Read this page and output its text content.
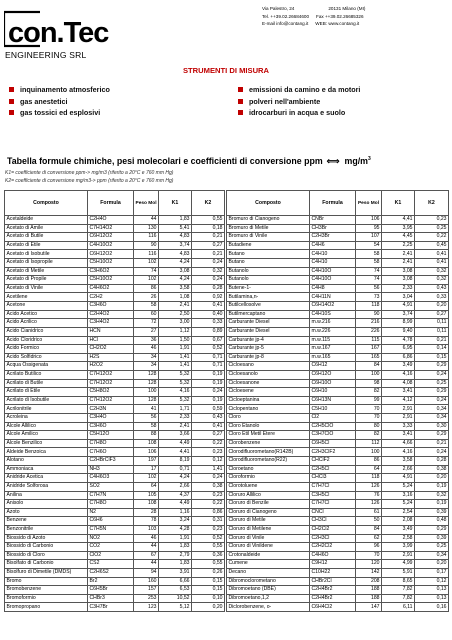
con.Tec
ENGINEERING SRL
Via Palestro, 24	20131 Milano (MI)
Tel. ++39.02.26684600 Fax ++39.02.26685326
E-mail info@contang.it WEB: www.contang.it
STRUMENTI DI MISURA
inquinamento atmosferico
gas anestetici
gas tossici ed esplosivi
emissioni da camino e da motori
polveri nell'ambiente
idrocarburi in acqua e suolo
Tabella formule chimiche, pesi molecolari e coefficienti di conversione ppm ⟺ $mg/m^3$
K1= coefficiente di conversione ppm-> mg/m3 (riferito a 20°C e 760 mm Hg)
K2= coefficiente di conversione mg/m3-> ppm (riferito a 20°C e 760 mm Hg)
Composto	Formula	Peso Mol	K1	K2
Acetaldeide	C2H4O	44	1,83	0,55
Acetato di Amile	C7H14O2	130	5,41	0,18
Acetato di Butile	C6H12O2	116	4,83	0,21
Acetato di Etile	C4H10O2	90	3,74	0,27
Acetato di Isobutile	C6H12O2	116	4,83	0,21
Acetato di Isopropile	C5H10O2	102	4,24	0,24
Acetato di Metile	C3H6O2	74	3,08	0,32
Acetato di Propile	C5H10O2	102	4,24	0,24
Acetato di Vinile	C4H6O2	86	3,58	0,28
Acetilene	C2H2	26	1,08	0,92
Acetone	C3H6O	58	2,41	0,41
Acido Acetico	C2H4O2	60	2,50	0,40
Acido Acrilico	C3H4O2	72	3,00	0,33
Acido Cianidrico	HCN	27	1,12	0,89
Acido Cloridrico	HCl	36	1,50	0,67
Acido Formico	CH2O2	46	1,91	0,52
Acido Solfidrico	H2S	34	1,41	0,71
Acqua Ossigenata	H2O2	34	1,41	0,71
Acrilato Butilico	C7H12O2	128	5,32	0,19
Acrilato di Butile	C7H12O2	128	5,32	0,19
Acrilato di Etile	C5H8O2	100	4,16	0,24
Acrilato di Isobutile	C7H12O2	128	5,32	0,19
Acrilonitrile	C2H3N	41	1,71	0,59
Acroleina	C3H4O	56	2,33	0,43
Alcole Allilico	C3H6O	58	2,41	0,41
Alcole Amilico	C5H12O	88	3,66	0,27
Alcole Benzilico	C7H8O	108	4,49	0,22
Aldeide Benzoica	C7H6O	106	4,41	0,23
Alotano	C2HBrClF3	197	8,19	0,12
Ammoniaca	NH3	17	0,71	1,41
Anidride Acetica	C4H6O3	102	4,24	0,24
Anidride Solforosa	SO2	64	2,66	0,38
Anilina	C7H7N	105	4,37	0,23
Anisolo	C7H8O	108	4,49	0,22
Azoto	N2	28	1,16	0,86
Benzene	C6H6	78	3,24	0,31
Benzonitrile	C7H5N	103	4,28	0,23
Biossido di Azoto	NO2	46	1,91	0,52
Biossido di Carbonio	CO2	44	1,83	0,55
Biossido di Cloro	ClO2	67	2,79	0,36
Bisolfato di Carbonio	CS2	44	1,83	0,55
Bisolfuro di Dimetile (DMDS)	C2H6S2	94	3,91	0,26
Bromo	Br2	160	6,66	0,15
Bromobenzene	C6H5Br	157	6,53	0,15
Bromoformio	CHBr3	253	10,52	0,10
Bromopropano	C3H7Br	123	5,12	0,20
Composto	Formula	Peso Mol	K1	K2
Bromuro di Cianogeno	CNBr	106	4,41	0,23
Bromuro di Metile	CH3Br	95	3,95	0,25
Bromuro di Vinile	C2H3Br	107	4,45	0,22
Butadiene	C4H6	54	2,25	0,45
Butano	C4H10	58	2,41	0,41
Butano	C4H10	58	2,41	0,41
Butanolo	C4H10O	74	3,08	0,32
Butanolo	C4H10O	74	3,08	0,32
Butene-1-	C4H8	56	2,33	0,43
Butilamina,n-	C4H11N	73	3,04	0,33
Butilcellosolve	C6H14O2	118	4,91	0,20
Butilmercaptano	C4H10S	90	3,74	0,27
Carburante Diesel	m.w.216	216	8,99	0,11
Carburante Diesel	m.w.226	226	9,40	0,11
Carburante jp-4	m.w.115	115	4,78	0,21
Carburante jp-5	m.w.167	167	6,95	0,14
Carburante jp-8	m.w.165	165	6,86	0,15
Cicloesano	C6H12	84	3,49	0,29
Cicloesanolo	C6H12O	100	4,16	0,24
Cicloesanone	C6H10O	98	4,08	0,25
Cicloesene	C6H10	82	3,41	0,29
Cicloeptanina	C6H13N	99	4,12	0,24
Ciclopentano	C5H10	70	2,91	0,34
Cloro	Cl2	70	2,91	0,34
Cloro Etanolo	C2H5ClO	80	3,33	0,30
Cloro Etil Metil Etere	C3H7ClO	82	3,41	0,29
Clorobenzene	C6H5Cl	112	4,66	0,21
Clorodifluorometano(R142B)	C2H3ClF2	100	4,16	0,24
Clorodifluorometano(R22)	CHClF2	86	3,58	0,28
Cloroetano	C2H5Cl	64	2,66	0,38
Cloroformio	CHCl3	118	4,91	0,20
Clorotoluene	C7H7Cl	126	5,24	0,19
Cloruro Allilico	C3H5Cl	76	3,16	0,32
Cloruro di Benzile	C7H7Cl	126	5,24	0,19
Cloruro di Cianogeno	CNCl	61	2,54	0,39
Cloruro di Metile	CH3Cl	50	2,08	0,48
Cloruro di Metilene	CH2Cl2	84	3,49	0,29
Cloruro di Vinile	C2H3Cl	62	2,58	0,39
Cloruro di Vinildene	C2H2Cl2	96	3,99	0,25
Crotonaldeide	C4H6O	70	2,91	0,34
Cumene	C9H12	120	4,99	0,20
Decano	C10H22	142	5,91	0,17
Dibromoclorometano	CHBr2Cl	208	8,65	0,12
Dibromoetano (DBE)	C2H4Br2	188	7,82	0,13
Dibromoetano,1,2	C2H4Br2	188	7,82	0,13
Diclorobenzene, o-	C6H4Cl2	147	6,11	0,16
